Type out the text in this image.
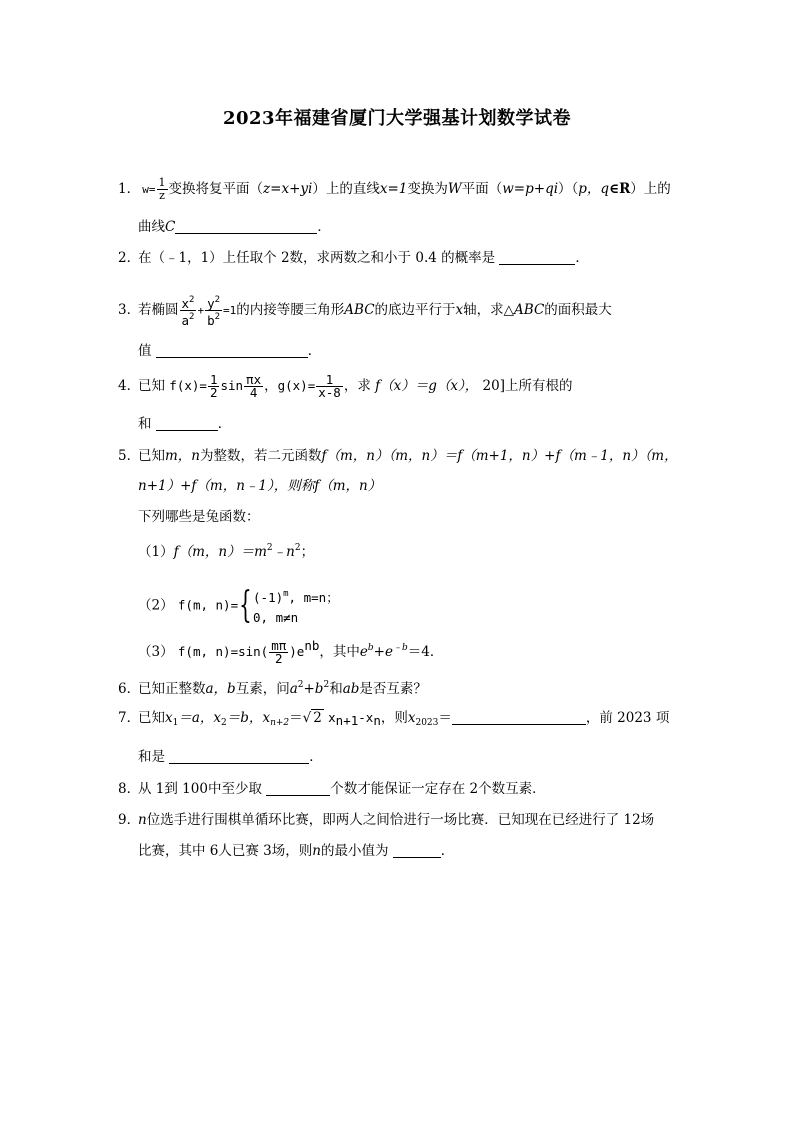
2023年福建省厦门大学强基计划数学试卷
1． $w= \frac{1}{z}$ 变换将复平面（z=x+yi）上的直线x=1变换为W平面（w=p+qi）（p，q∈R）上的
曲线C	．
2．在（﹣1，1）上任取个 2数，求两数之和小于 0.4 的概率是	．
3．若椭圆 $\frac{x^2}{a^2} + \frac{y^2}{b^2} =1$的内接等腰三角形ABC的底边平行于x轴，求△ABC的面积最大
值	．
4．已知 $f(x)= \frac{1}{2}$ $\sin \frac{\pi x}{4}$ ，$g(x)= \frac{1}{x-8}$ ，求 f（x）＝g（x）， 20]上所有根的
和	．
5．已知m，n为整数，若二元函数f（m，n）（m，n）＝f（m+1，n）+f（m﹣1，n）（m，
n+1）+f（m，n﹣1），则称f（m，n）
下列哪些是兔函数：
（1）f（m，$n)=m^2﹣n^2$；
（2） f(m, n)={ $(-1)^m$, m=n；
0, m≠n
（3） f(m, $n)=\sin( \frac{m\pi}{2} )e^{nb}$，其中$e^b+e^{﹣b}=4$．
6．已知正整数a，b互素，问$a^2+b^2$和ab是否互素？
7．已知$x_1=a$，$x_2=b$，$x_{n+2}=√$ 2 $x_{n+1}-x_n$，则$x_{2023}=$	，前 2023 项
和是	．
8．从 1到 100中至少取	个数才能保证一定存在 2个数互素．
9．n位选手进行围棋单循环比赛，即两人之间恰进行一场比赛．已知现在已经进行了 12场
比赛，其中 6人已赛 3场，则n的最小值为	．
